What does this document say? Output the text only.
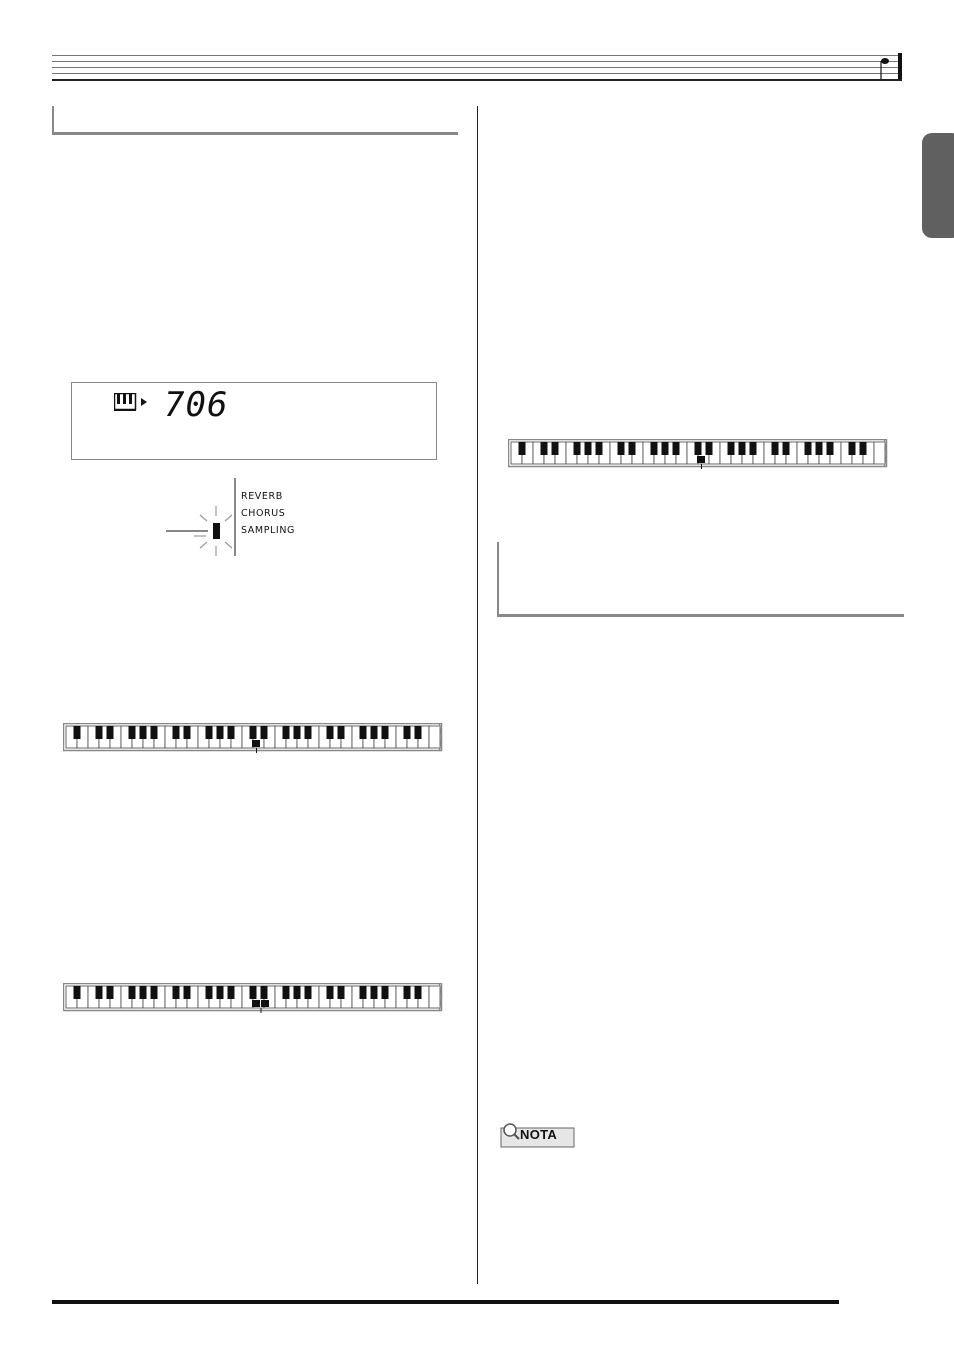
706
REVERB
CHORUS
SAMPLING
NOTA
